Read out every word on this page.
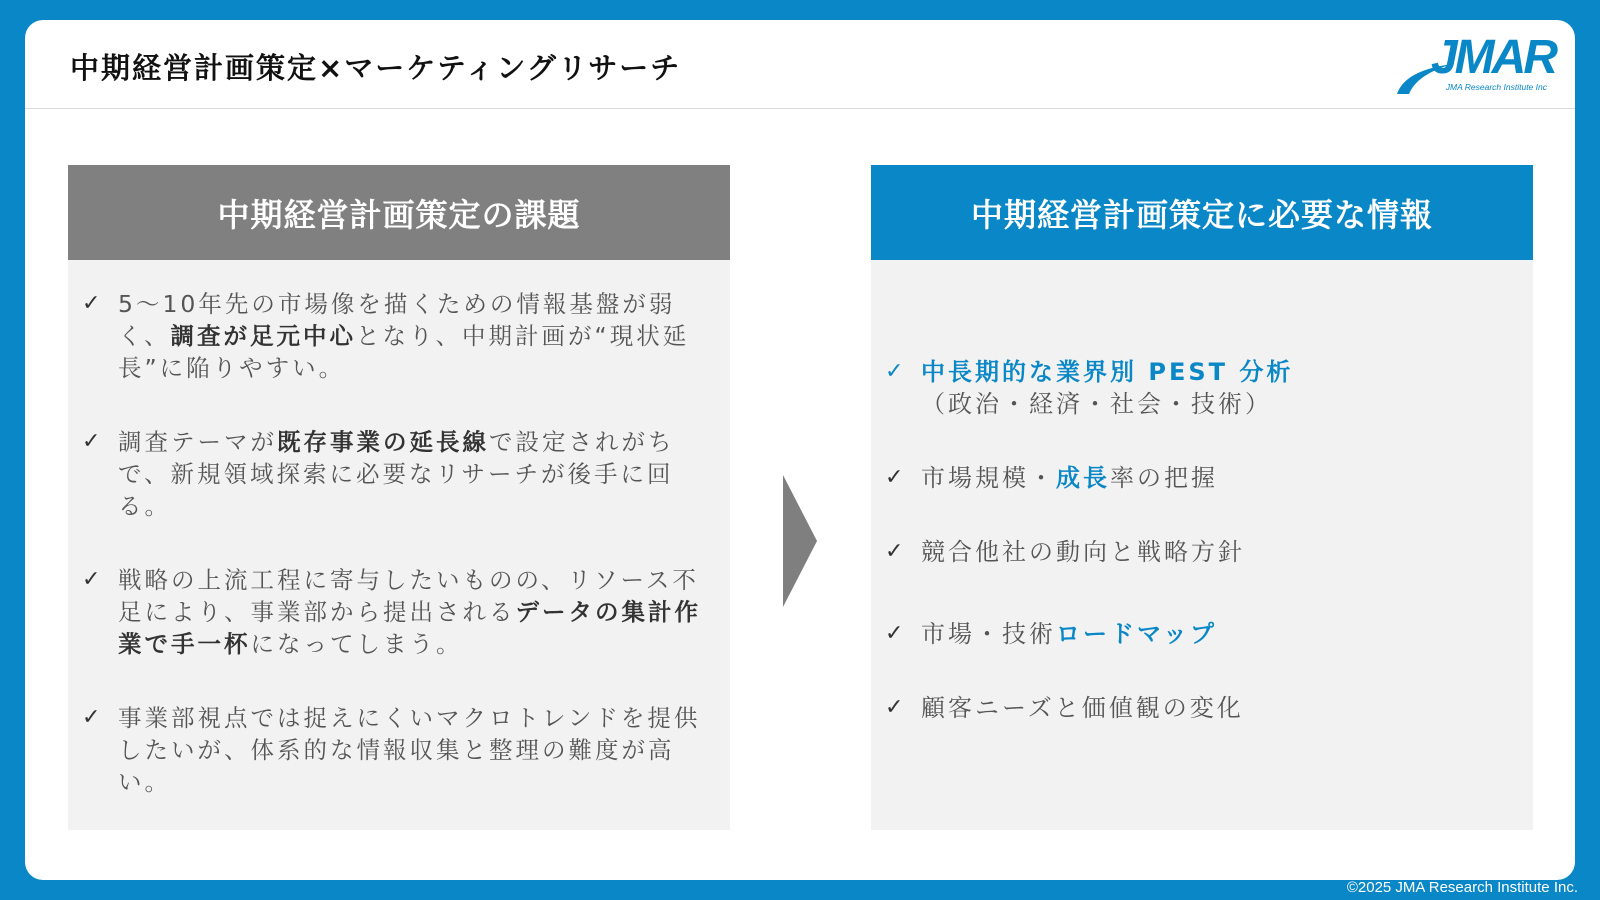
中期経営計画策定×マーケティングリサーチ	JMAR
JMA Research Institute Inc
中期経営計画策定の課題
✓ 5～10年先の市場像を描くための情報基盤が弱く、調査が足元中心となり、中期計画が“現状延長”に陥りやすい。
✓ 調査テーマが既存事業の延長線で設定されがちで、新規領域探索に必要なリサーチが後手に回る。
✓ 戦略の上流工程に寄与したいものの、リソース不足により、事業部から提出されるデータの集計作業で手一杯になってしまう。
✓ 事業部視点では捉えにくいマクロトレンドを提供したいが、体系的な情報収集と整理の難度が高い。
中期経営計画策定に必要な情報
✓ 中長期的な業界別 PEST 分析
（政治・経済・社会・技術）
✓ 市場規模・成長率の把握
✓ 競合他社の動向と戦略方針
✓ 市場・技術ロードマップ
✓ 顧客ニーズと価値観の変化
©2025 JMA Research Institute Inc.
